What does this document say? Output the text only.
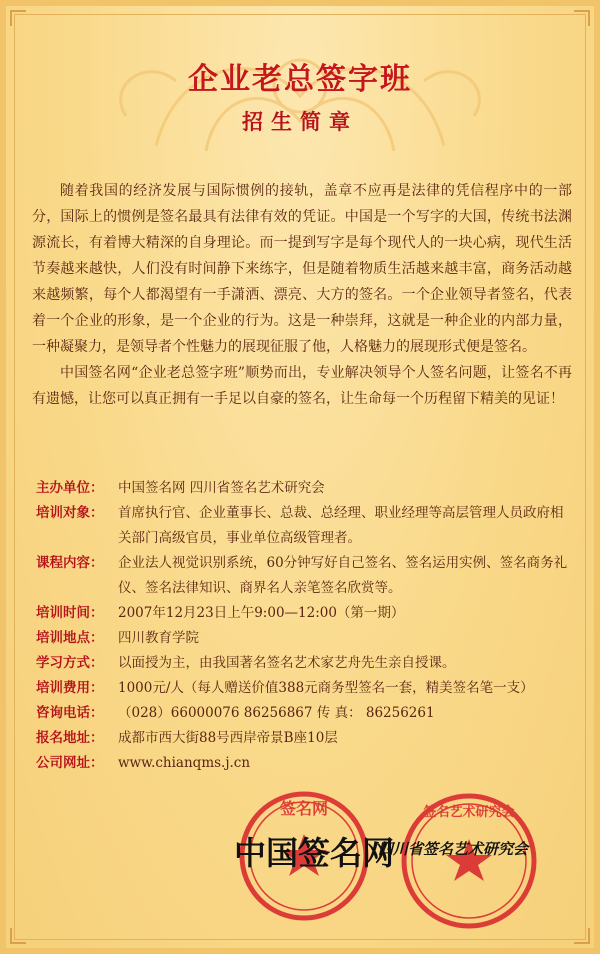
企业老总签字班
招生简章

随着我国的经济发展与国际惯例的接轨，盖章不应再是法律的凭信程序中的一部分，国际上的惯例是签名最具有法律有效的凭证。中国是一个写字的大国，传统书法渊源流长，有着博大精深的自身理论。而一提到写字是每个现代人的一块心病，现代生活节奏越来越快，人们没有时间静下来练字，但是随着物质生活越来越丰富，商务活动越来越频繁，每个人都渴望有一手潇洒、漂亮、大方的签名。一个企业领导者签名，代表着一个企业的形象，是一个企业的行为。这是一种崇拜，这就是一种企业的内部力量，一种凝聚力，是领导者个性魅力的展现征服了他，人格魅力的展现形式便是签名。

中国签名网“企业老总签字班”顺势而出，专业解决领导个人签名问题，让签名不再有遗憾，让您可以真正拥有一手足以自豪的签名，让生命每一个历程留下精美的见证！

主办单位：	中国签名网 四川省签名艺术研究会
培训对象：	首席执行官、企业董事长、总裁、总经理、职业经理等高层管理人员政府相关部门高级官员，事业单位高级管理者。
课程内容：	企业法人视觉识别系统，60分钟写好自己签名、签名运用实例、签名商务礼仪、签名法律知识、商界名人亲笔签名欣赏等。
培训时间：	2007年12月23日上午9:00—12:00（第一期）
培训地点：	四川教育学院
学习方式：	以面授为主，由我国著名签名艺术家艺舟先生亲自授课。
培训费用：	1000元/人（每人赠送价值388元商务型签名一套，精美签名笔一支）
咨询电话：	（028）66000076 86256867 传 真： 86256261
报名地址：	成都市西大街88号西岸帝景B座10层
公司网址：	www.chianqms.j.cn
签名网	签名艺术研究会
中国签名网
四川省签名艺术研究会
